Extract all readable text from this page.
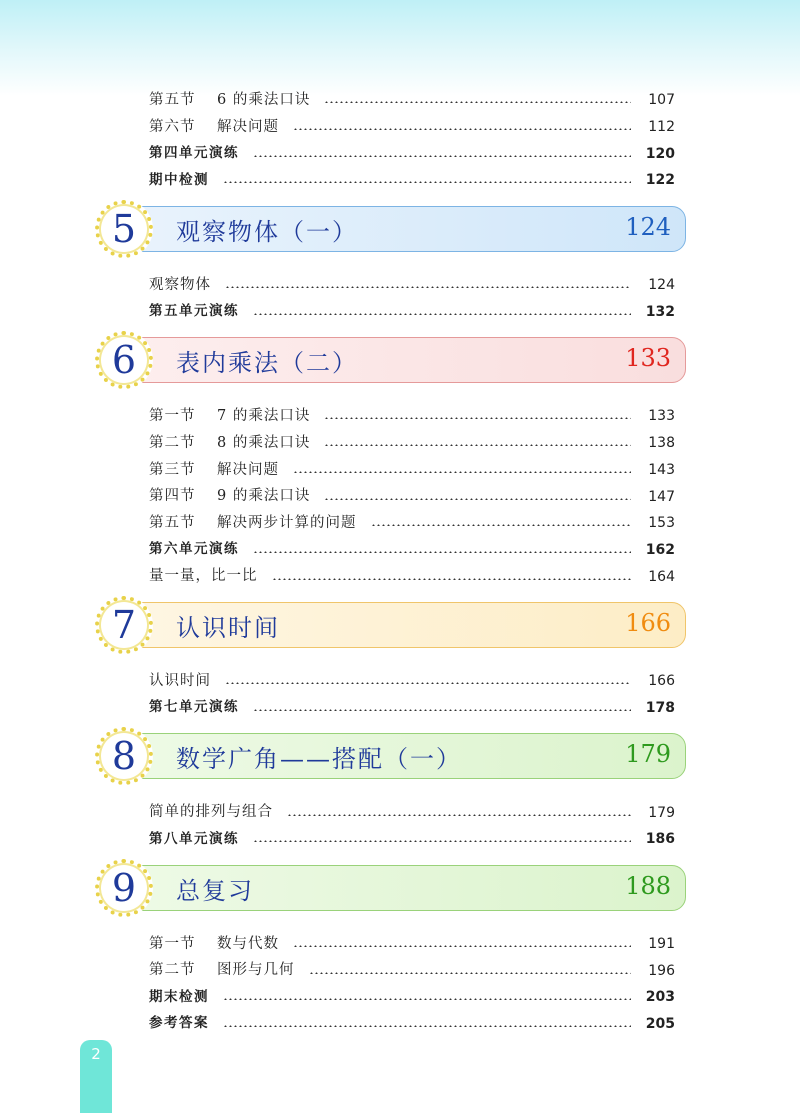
第五节	6 的乘法口诀	107
第六节	解决问题	112
第四单元演练	120
期中检测	122
5 观察物体（一）	124
观察物体	124
第五单元演练	132
6 表内乘法（二）	133
第一节	7 的乘法口诀	133
第二节	8 的乘法口诀	138
第三节	解决问题	143
第四节	9 的乘法口诀	147
第五节	解决两步计算的问题	153
第六单元演练	162
量一量，比一比	164
7 认识时间	166
认识时间	166
第七单元演练	178
8 数学广角——搭配（一）	179
简单的排列与组合	179
第八单元演练	186
9 总复习	188
第一节	数与代数	191
第二节	图形与几何	196
期末检测	203
参考答案	205
2
